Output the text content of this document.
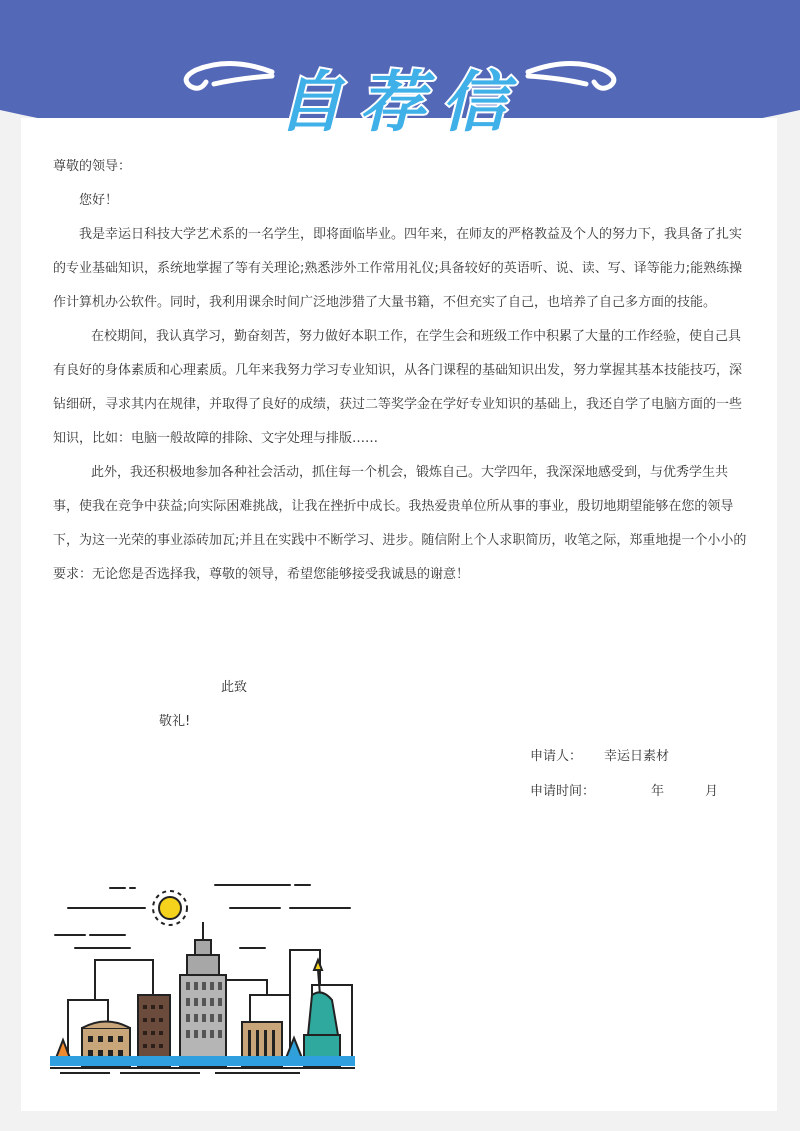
自荐信

尊敬的领导：

您好！

我是幸运日科技大学艺术系的一名学生，即将面临毕业。四年来，在师友的严格教益及个人的努力下，我具备了扎实的专业基础知识，系统地掌握了等有关理论;熟悉涉外工作常用礼仪;具备较好的英语听、说、读、写、译等能力;能熟练操作计算机办公软件。同时，我利用课余时间广泛地涉猎了大量书籍，不但充实了自己，也培养了自己多方面的技能。

在校期间，我认真学习，勤奋刻苦，努力做好本职工作，在学生会和班级工作中积累了大量的工作经验，使自己具有良好的身体素质和心理素质。几年来我努力学习专业知识，从各门课程的基础知识出发，努力掌握其基本技能技巧，深钻细研，寻求其内在规律，并取得了良好的成绩，获过二等奖学金在学好专业知识的基础上，我还自学了电脑方面的一些知识，比如：电脑一般故障的排除、文字处理与排版……

此外，我还积极地参加各种社会活动，抓住每一个机会，锻炼自己。大学四年，我深深地感受到，与优秀学生共事，使我在竞争中获益;向实际困难挑战，让我在挫折中成长。我热爱贵单位所从事的事业，殷切地期望能够在您的领导下，为这一光荣的事业添砖加瓦;并且在实践中不断学习、进步。随信附上个人求职简历，收笔之际，郑重地提一个小小的要求：无论您是否选择我，尊敬的领导，希望您能够接受我诚恳的谢意！

此致
敬礼!
申请人： 幸运日素材
申请时间：	年	月
